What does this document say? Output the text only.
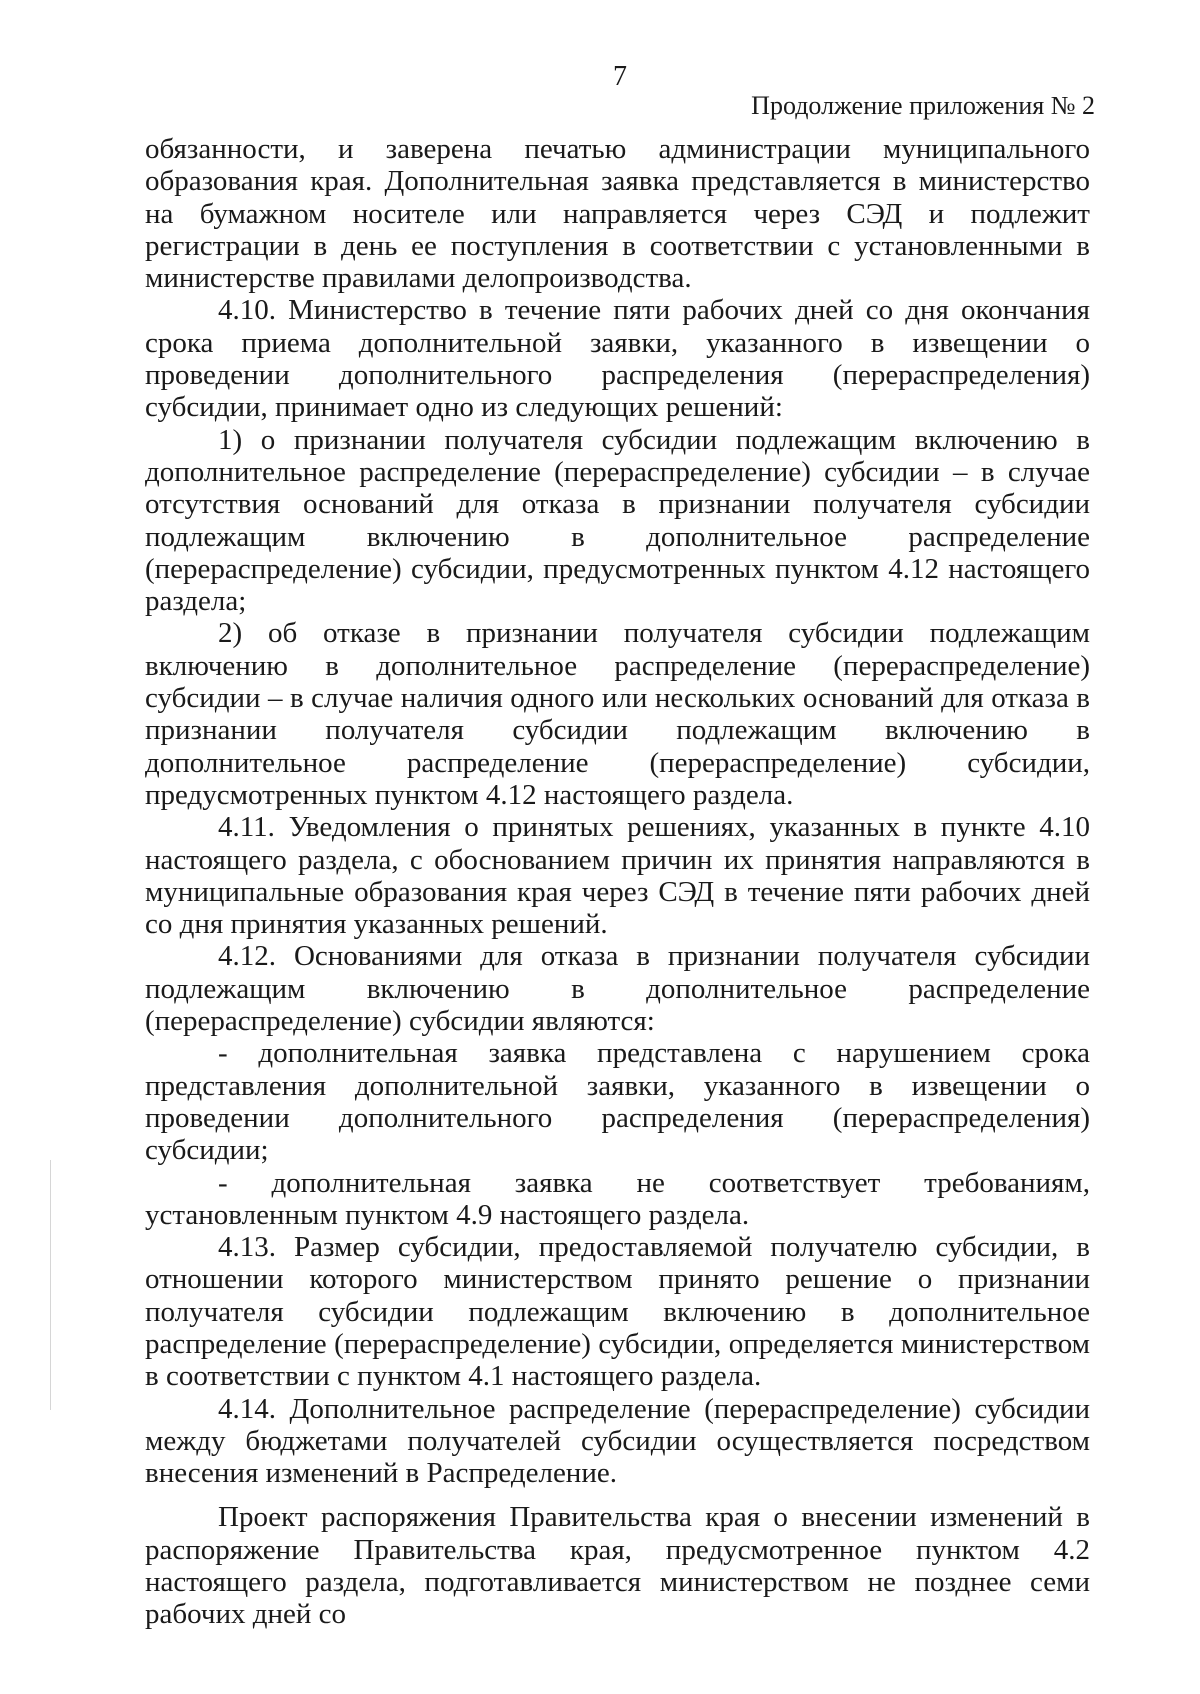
7
Продолжение приложения № 2

обязанности, и заверена печатью администрации муниципального образования края. Дополнительная заявка представляется в министерство на бумажном носителе или направляется через СЭД и подлежит регистрации в день ее поступления в соответствии с установленными в министерстве правилами делопроизводства.

4.10. Министерство в течение пяти рабочих дней со дня окончания срока приема дополнительной заявки, указанного в извещении о проведении дополнительного распределения (перераспределения) субсидии, принимает одно из следующих решений:

1) о признании получателя субсидии подлежащим включению в дополнительное распределение (перераспределение) субсидии – в случае отсутствия оснований для отказа в признании получателя субсидии подлежащим включению в дополнительное распределение (перераспределение) субсидии, предусмотренных пунктом 4.12 настоящего раздела;

2) об отказе в признании получателя субсидии подлежащим включению в дополнительное распределение (перераспределение) субсидии – в случае наличия одного или нескольких оснований для отказа в признании получателя субсидии подлежащим включению в дополнительное распределение (перераспределение) субсидии, предусмотренных пунктом 4.12 настоящего раздела.

4.11. Уведомления о принятых решениях, указанных в пункте 4.10 настоящего раздела, с обоснованием причин их принятия направляются в муниципальные образования края через СЭД в течение пяти рабочих дней со дня принятия указанных решений.

4.12. Основаниями для отказа в признании получателя субсидии подлежащим включению в дополнительное распределение (перераспределение) субсидии являются:

- дополнительная заявка представлена с нарушением срока представления дополнительной заявки, указанного в извещении о проведении дополнительного распределения (перераспределения) субсидии;

- дополнительная заявка не соответствует требованиям, установленным пунктом 4.9 настоящего раздела.

4.13. Размер субсидии, предоставляемой получателю субсидии, в отношении которого министерством принято решение о признании получателя субсидии подлежащим включению в дополнительное распределение (перераспределение) субсидии, определяется министерством в соответствии с пунктом 4.1 настоящего раздела.

4.14. Дополнительное распределение (перераспределение) субсидии между бюджетами получателей субсидии осуществляется посредством внесения изменений в Распределение.

Проект распоряжения Правительства края о внесении изменений в распоряжение Правительства края, предусмотренное пунктом 4.2 настоящего раздела, подготавливается министерством не позднее семи рабочих дней со
